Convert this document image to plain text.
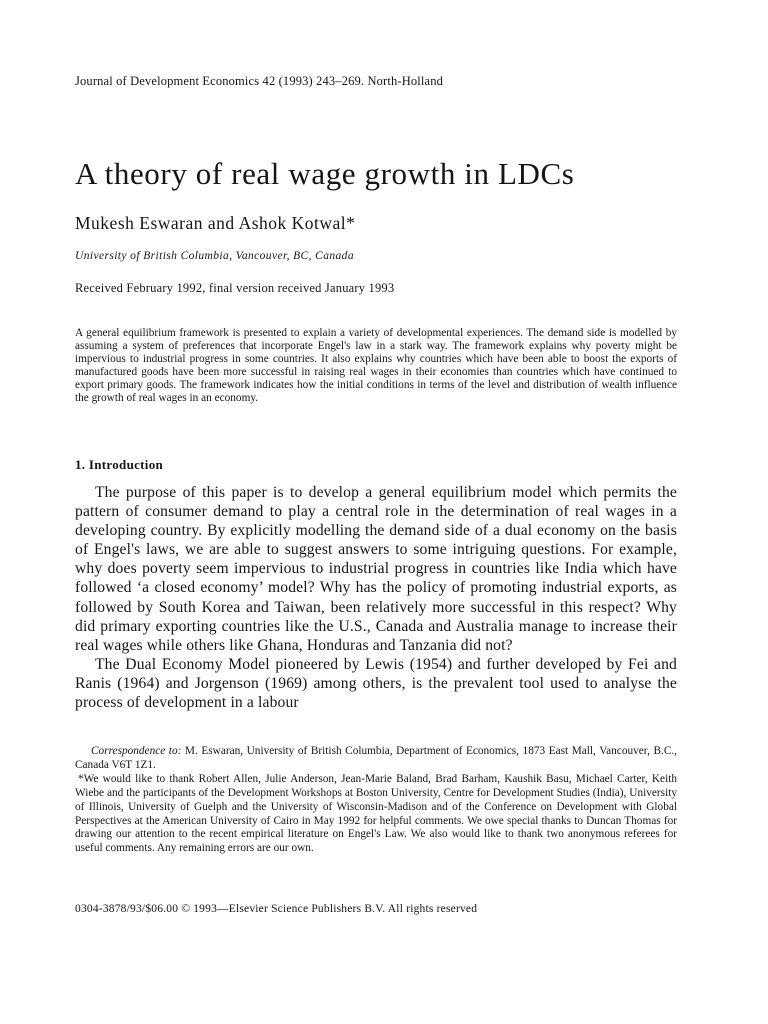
Journal of Development Economics 42 (1993) 243–269. North-Holland
A theory of real wage growth in LDCs
Mukesh Eswaran and Ashok Kotwal*
University of British Columbia, Vancouver, BC, Canada
Received February 1992, final version received January 1993

A general equilibrium framework is presented to explain a variety of developmental experiences. The demand side is modelled by assuming a system of preferences that incorporate Engel's law in a stark way. The framework explains why poverty might be impervious to industrial progress in some countries. It also explains why countries which have been able to boost the exports of manufactured goods have been more successful in raising real wages in their economies than countries which have continued to export primary goods. The framework indicates how the initial conditions in terms of the level and distribution of wealth influence the growth of real wages in an economy.

1. Introduction

The purpose of this paper is to develop a general equilibrium model which permits the pattern of consumer demand to play a central role in the determination of real wages in a developing country. By explicitly modelling the demand side of a dual economy on the basis of Engel's laws, we are able to suggest answers to some intriguing questions. For example, why does poverty seem impervious to industrial progress in countries like India which have followed ‘a closed economy’ model? Why has the policy of promoting industrial exports, as followed by South Korea and Taiwan, been relatively more successful in this respect? Why did primary exporting countries like the U.S., Canada and Australia manage to increase their real wages while others like Ghana, Honduras and Tanzania did not?

The Dual Economy Model pioneered by Lewis (1954) and further developed by Fei and Ranis (1964) and Jorgenson (1969) among others, is the prevalent tool used to analyse the process of development in a labour

Correspondence to: M. Eswaran, University of British Columbia, Department of Economics, 1873 East Mall, Vancouver, B.C., Canada V6T 1Z1.

*We would like to thank Robert Allen, Julie Anderson, Jean-Marie Baland, Brad Barham, Kaushik Basu, Michael Carter, Keith Wiebe and the participants of the Development Workshops at Boston University, Centre for Development Studies (India), University of Illinois, University of Guelph and the University of Wisconsin-Madison and of the Conference on Development with Global Perspectives at the American University of Cairo in May 1992 for helpful comments. We owe special thanks to Duncan Thomas for drawing our attention to the recent empirical literature on Engel's Law. We also would like to thank two anonymous referees for useful comments. Any remaining errors are our own.

0304-3878/93/$06.00 © 1993—Elsevier Science Publishers B.V. All rights reserved
